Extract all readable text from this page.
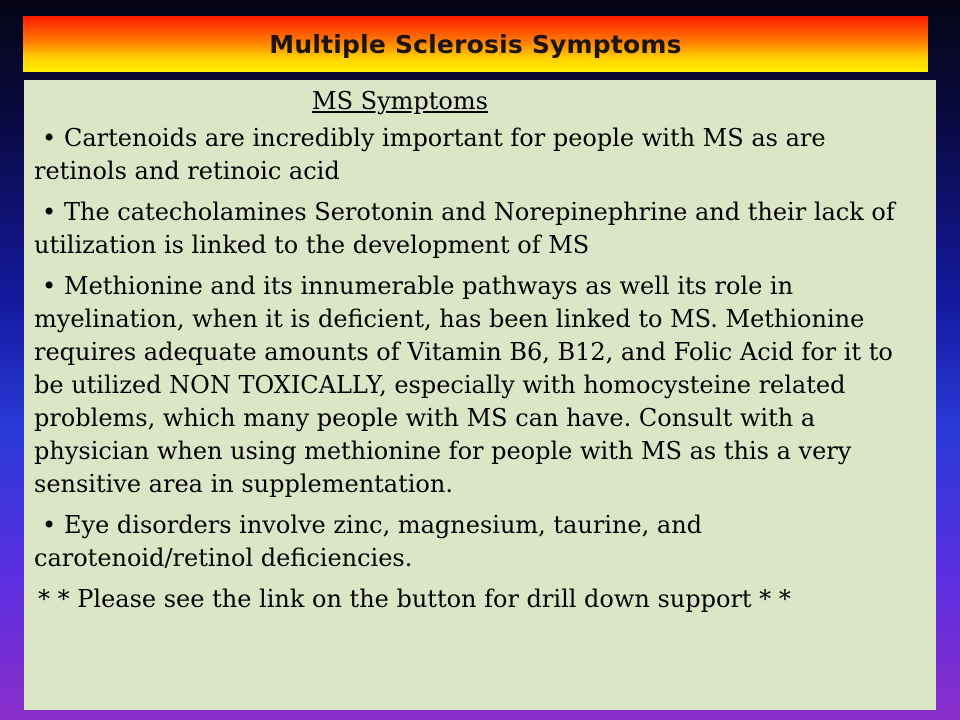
Multiple Sclerosis Symptoms
MS Symptoms
• Cartenoids are incredibly important for people with MS as are retinols and retinoic acid
• The catecholamines Serotonin and Norepinephrine and their lack of utilization is linked to the development of MS
• Methionine and its innumerable pathways as well its role in myelination, when it is deficient, has been linked to MS. Methionine requires adequate amounts of Vitamin B6, B12, and Folic Acid for it to be utilized NON TOXICALLY, especially with homocysteine related problems, which many people with MS can have. Consult with a physician when using methionine for people with MS as this a very sensitive area in supplementation.
• Eye disorders involve zinc, magnesium, taurine, and carotenoid/retinol deficiencies.

* * Please see the link on the button for drill down support * *
